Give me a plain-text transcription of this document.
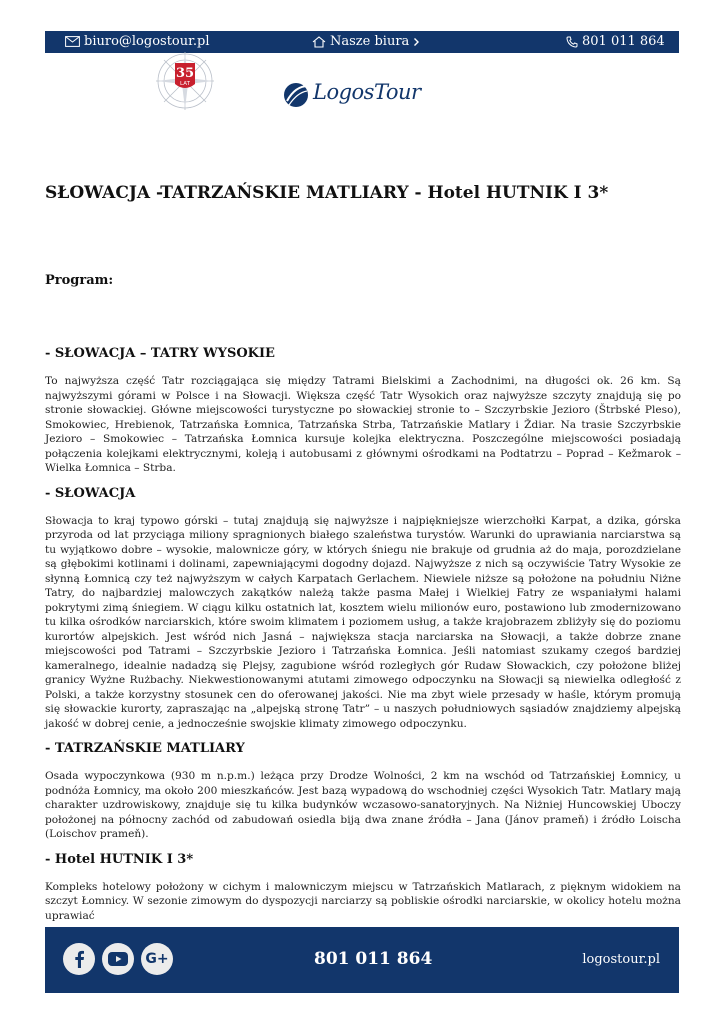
biuro@logostour.pl	Nasze biura	801 011 864
35
LAT	LogosTour
SŁOWACJA -TATRZAŃSKIE MATLIARY - Hotel HUTNIK I 3*
Program:
- SŁOWACJA – TATRY WYSOKIE

To najwyższa część Tatr rozciągająca się między Tatrami Bielskimi a Zachodnimi, na długości ok. 26 km. Są najwyższymi górami w Polsce i na Słowacji. Większa część Tatr Wysokich oraz najwyższe szczyty znajdują się po stronie słowackiej. Główne miejscowości turystyczne po słowackiej stronie to – Szczyrbskie Jezioro (Štrbské Pleso), Smokowiec, Hrebienok, Tatrzańska Łomnica, Tatrzańska Strba, Tatrzańskie Matlary i Ždiar. Na trasie Szczyrbskie Jezioro – Smokowiec – Tatrzańska Łomnica kursuje kolejka elektryczna. Poszczególne miejscowości posiadają połączenia kolejkami elektrycznymi, koleją i autobusami z głównymi ośrodkami na Podtatrzu – Poprad – Kežmarok – Wielka Łomnica – Strba.

- SŁOWACJA

Słowacja to kraj typowo górski – tutaj znajdują się najwyższe i najpiękniejsze wierzchołki Karpat, a dzika, górska przyroda od lat przyciąga miliony spragnionych białego szaleństwa turystów. Warunki do uprawiania narciarstwa są tu wyjątkowo dobre – wysokie, malownicze góry, w których śniegu nie brakuje od grudnia aż do maja, porozdzielane są głębokimi kotlinami i dolinami, zapewniającymi dogodny dojazd. Najwyższe z nich są oczywiście Tatry Wysokie ze słynną Łomnicą czy też najwyższym w całych Karpatach Gerlachem. Niewiele niższe są położone na południu Niżne Tatry, do najbardziej malowczych zakątków należą także pasma Małej i Wielkiej Fatry ze wspaniałymi halami pokrytymi zimą śniegiem. W ciągu kilku ostatnich lat, kosztem wielu milionów euro, postawiono lub zmodernizowano tu kilka ośrodków narciarskich, które swoim klimatem i poziomem usług, a także krajobrazem zbliżyły się do poziomu kurortów alpejskich. Jest wśród nich Jasná – największa stacja narciarska na Słowacji, a także dobrze znane miejscowości pod Tatrami – Szczyrbskie Jezioro i Tatrzańska Łomnica. Jeśli natomiast szukamy czegoś bardziej kameralnego, idealnie nadadzą się Plejsy, zagubione wśród rozległych gór Rudaw Słowackich, czy położone bliżej granicy Wyżne Rużbachy. Niekwestionowanymi atutami zimowego odpoczynku na Słowacji są niewielka odległość z Polski, a także korzystny stosunek cen do oferowanej jakości. Nie ma zbyt wiele przesady w haśle, którym promują się słowackie kurorty, zapraszając na „alpejską stronę Tatr” – u naszych południowych sąsiadów znajdziemy alpejską jakość w dobrej cenie, a jednocześnie swojskie klimaty zimowego odpoczynku.

- TATRZAŃSKIE MATLIARY

Osada wypoczynkowa (930 m n.p.m.) leżąca przy Drodze Wolności, 2 km na wschód od Tatrzańskiej Łomnicy, u podnóża Łomnicy, ma około 200 mieszkańców. Jest bazą wypadową do wschodniej części Wysokich Tatr. Matlary mają charakter uzdrowiskowy, znajduje się tu kilka budynków wczasowo-sanatoryjnych. Na Niżniej Huncowskiej Uboczy położonej na północny zachód od zabudowań osiedla biją dwa znane źródła – Jana (Jánov prameň) i źródło Loischa (Loischov prameň).

- Hotel HUTNIK I 3*

Kompleks hotelowy położony w cichym i malowniczym miejscu w Tatrzańskich Matlarach, z pięknym widokiem na szczyt Łomnicy. W sezonie zimowym do dyspozycji narciarzy są pobliskie ośrodki narciarskie, w okolicy hotelu można uprawiać

G+	801 011 864	logostour.pl
